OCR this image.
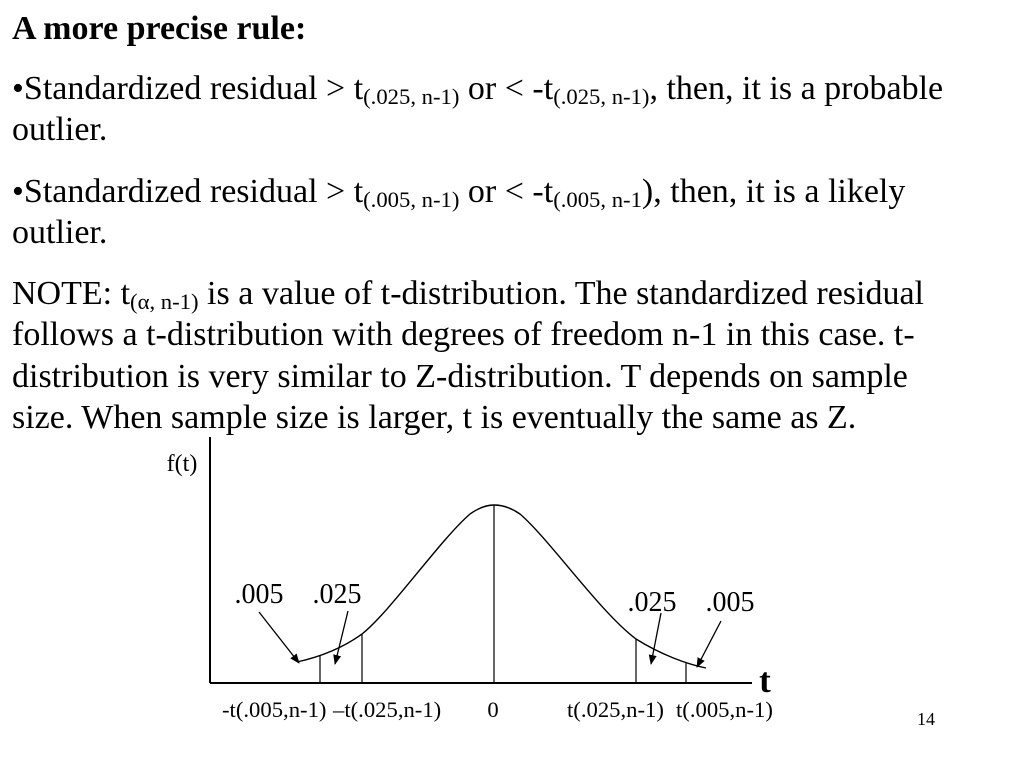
A more precise rule:
•Standardized residual > t(.025, n-1) or < -t(.025, n-1), then, it is a probable
outlier.
•Standardized residual > t(.005, n-1) or < -t(.005, n-1), then, it is a likely
outlier.
NOTE: t(α, n-1) is a value of t-distribution. The standardized residual
follows a t-distribution with degrees of freedom n-1 in this case. t-
distribution is very similar to Z-distribution. T depends on sample
size. When sample size is larger, t is eventually the same as Z.
f(t)
t
.005 .025	.025 .005
-t(.005,n-1) –t(.025,n-1) 0	t(.025,n-1) t(.005,n-1)	14
